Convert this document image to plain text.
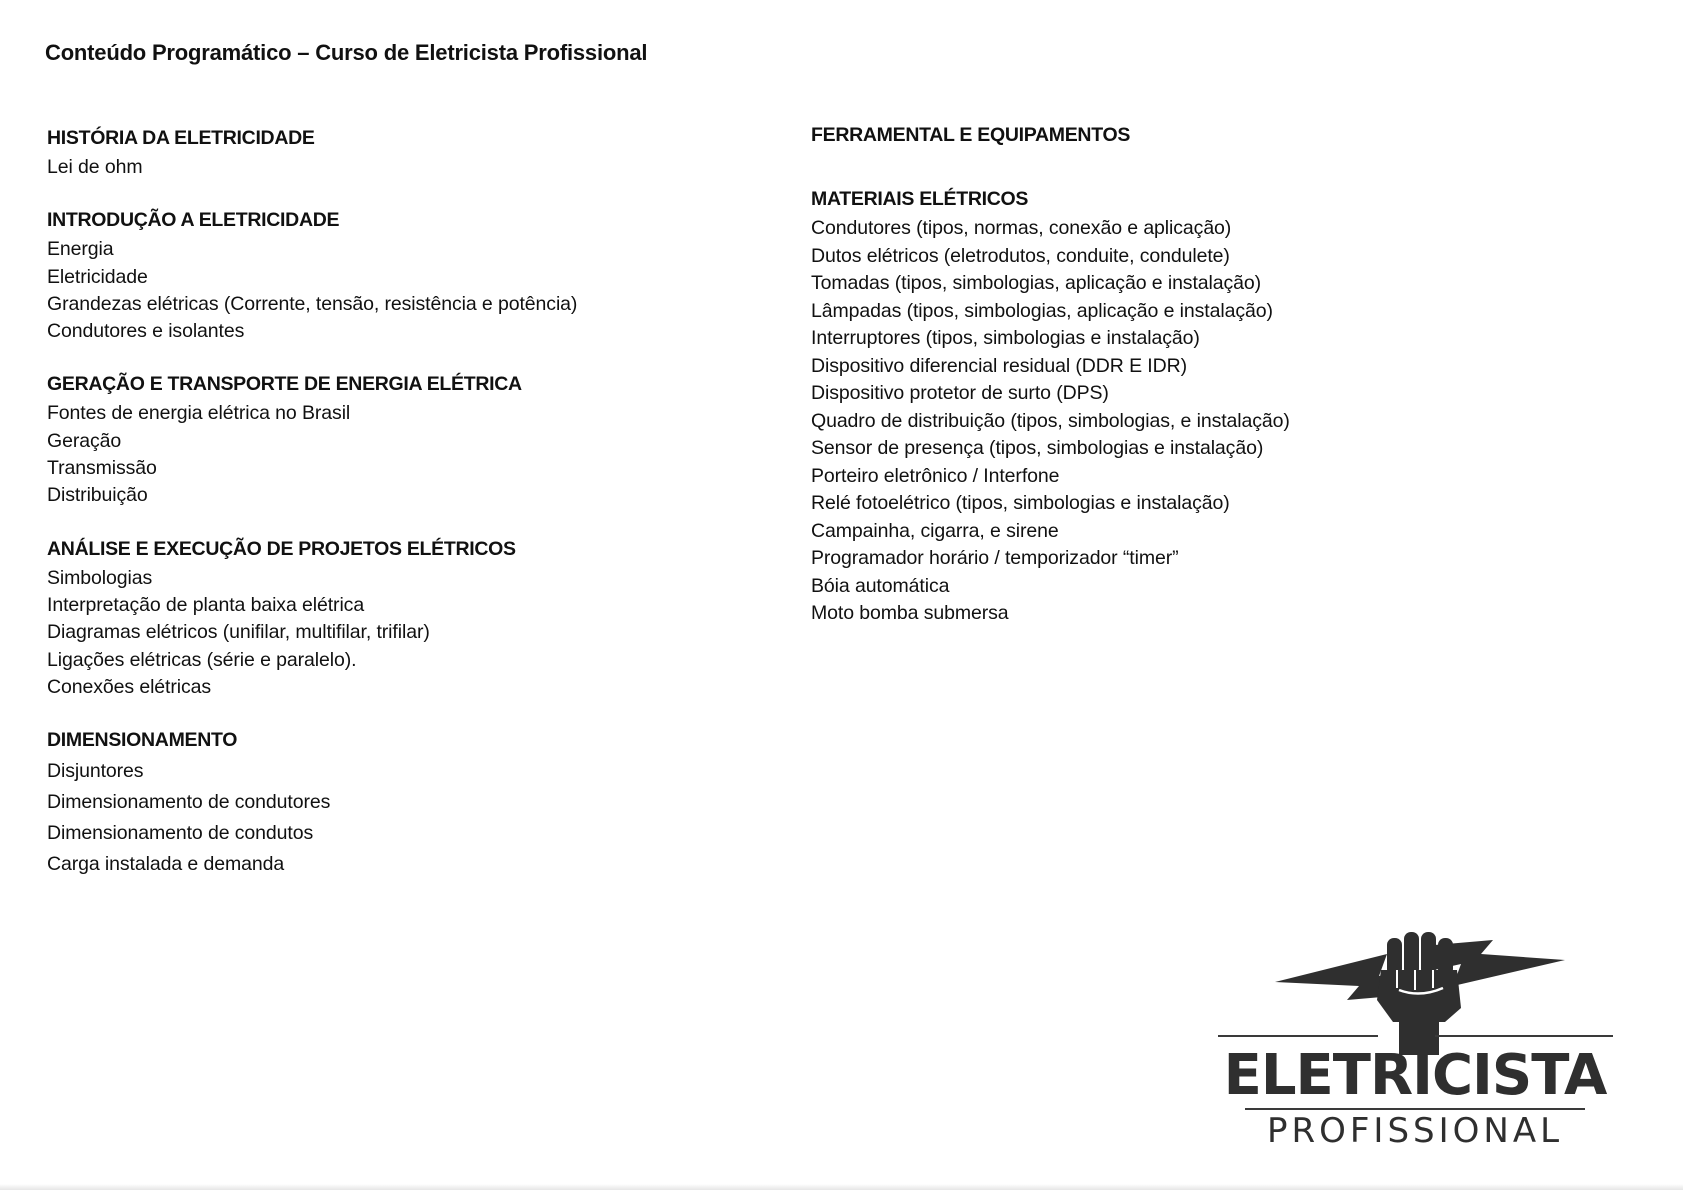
Conteúdo Programático – Curso de Eletricista Profissional
HISTÓRIA DA ELETRICIDADE
Lei de ohm
INTRODUÇÃO A ELETRICIDADE
Energia
Eletricidade
Grandezas elétricas (Corrente, tensão, resistência e potência)
Condutores e isolantes
GERAÇÃO E TRANSPORTE DE ENERGIA ELÉTRICA
Fontes de energia elétrica no Brasil
Geração
Transmissão
Distribuição
ANÁLISE E EXECUÇÃO DE PROJETOS ELÉTRICOS
Simbologias
Interpretação de planta baixa elétrica
Diagramas elétricos (unifilar, multifilar, trifilar)
Ligações elétricas (série e paralelo).
Conexões elétricas
DIMENSIONAMENTO
Disjuntores
Dimensionamento de condutores
Dimensionamento de condutos
Carga instalada e demanda
FERRAMENTAL E EQUIPAMENTOS
MATERIAIS ELÉTRICOS
Condutores (tipos, normas, conexão e aplicação)
Dutos elétricos (eletrodutos, conduite, condulete)
Tomadas (tipos, simbologias, aplicação e instalação)
Lâmpadas (tipos, simbologias, aplicação e instalação)
Interruptores (tipos, simbologias e instalação)
Dispositivo diferencial residual (DDR E IDR)
Dispositivo protetor de surto (DPS)
Quadro de distribuição (tipos, simbologias, e instalação)
Sensor de presença (tipos, simbologias e instalação)
Porteiro eletrônico / Interfone
Relé fotoelétrico (tipos, simbologias e instalação)
Campainha, cigarra, e sirene
Programador horário / temporizador “timer”
Bóia automática
Moto bomba submersa
ELETRICISTA
PROFISSIONAL
